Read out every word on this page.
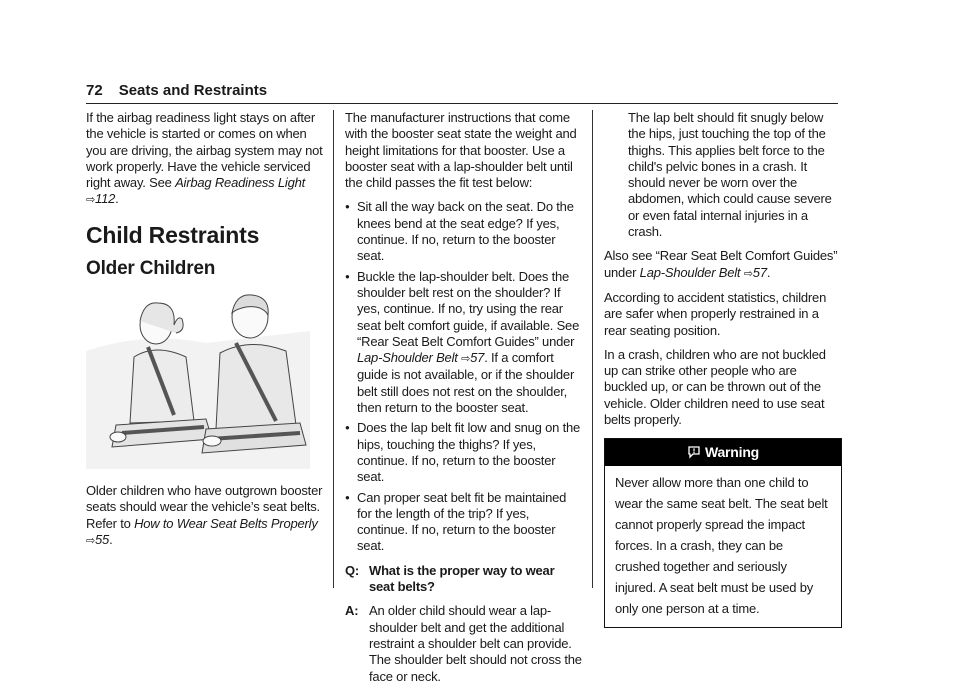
72 Seats and Restraints

If the airbag readiness light stays on after the vehicle is started or comes on when you are driving, the airbag system may not work properly. Have the vehicle serviced right away. See Airbag Readiness Light ⇨112.

Child Restraints
Older Children

Older children who have outgrown booster seats should wear the vehicle’s seat belts. Refer to How to Wear Seat Belts Properly
⇨55.

The manufacturer instructions that come with the booster seat state the weight and height limitations for that booster. Use a booster seat with a lap-shoulder belt until the child passes the fit test below:

● Sit all the way back on the seat. Do the knees bend at the seat edge? If yes, continue. If no, return to the booster seat.
● Buckle the lap-shoulder belt. Does the shoulder belt rest on the shoulder? If yes, continue. If no, try using the rear seat belt comfort guide, if available. See “Rear Seat Belt Comfort Guides” under Lap-Shoulder Belt ⇨57. If a comfort guide is not available, or if the shoulder belt still does not rest on the shoulder, then return to the booster seat.
● Does the lap belt fit low and snug on the hips, touching the thighs? If yes, continue. If no, return to the booster seat.
● Can proper seat belt fit be maintained for the length of the trip? If yes, continue. If no, return to the booster seat.
Q: What is the proper way to wear seat belts?
A: An older child should wear a lap-shoulder belt and get the additional restraint a shoulder belt can provide. The shoulder belt should not cross the face or neck.

The lap belt should fit snugly below the hips, just touching the top of the thighs. This applies belt force to the child's pelvic bones in a crash. It should never be worn over the abdomen, which could cause severe or even fatal internal injuries in a crash.

Also see “Rear Seat Belt Comfort Guides” under Lap-Shoulder Belt ⇨57.

According to accident statistics, children are safer when properly restrained in a rear seating position.

In a crash, children who are not buckled up can strike other people who are buckled up, or can be thrown out of the vehicle. Older children need to use seat belts properly.

Warning
Never allow more than one child to wear the same seat belt. The seat belt cannot properly spread the impact forces. In a crash, they can be crushed together and seriously injured. A seat belt must be used by only one person at a time.
